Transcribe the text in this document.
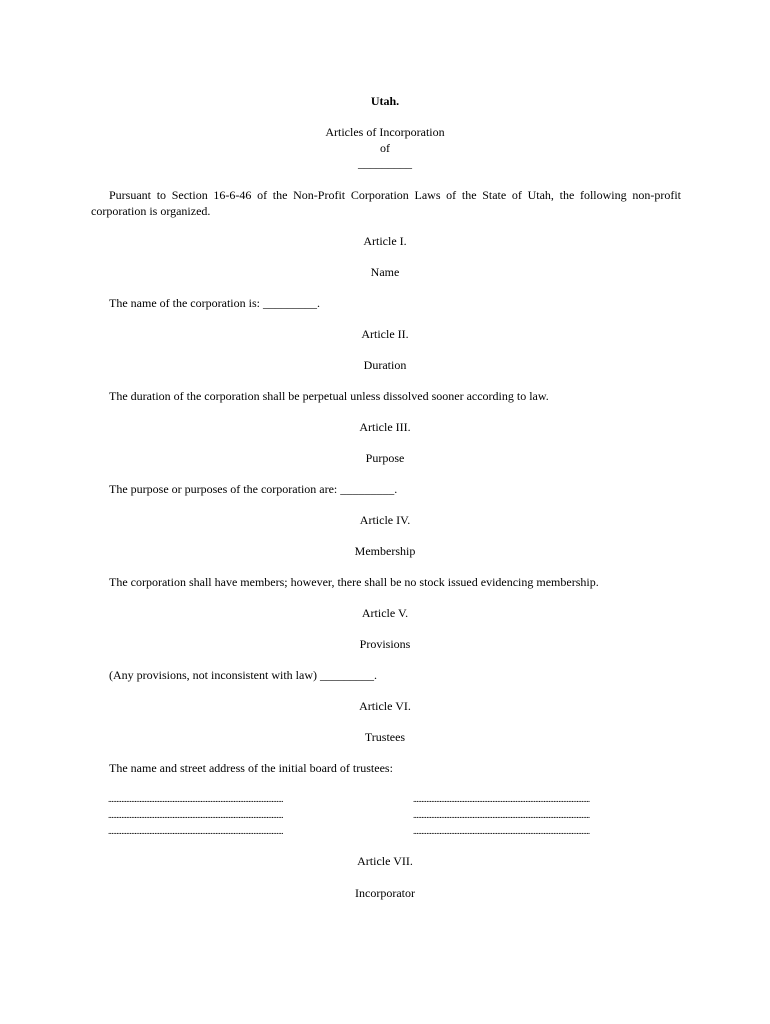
Utah.
Articles of Incorporation
of
_________
Pursuant to Section 16-6-46 of the Non-Profit Corporation Laws of the State of Utah, the following non-profit corporation is organized.
Article I.
Name
The name of the corporation is: _________.
Article II.
Duration
The duration of the corporation shall be perpetual unless dissolved sooner according to law.
Article III.
Purpose
The purpose or purposes of the corporation are: _________.
Article IV.
Membership
The corporation shall have members; however, there shall be no stock issued evidencing membership.
Article V.
Provisions
(Any provisions, not inconsistent with law) _________.
Article VI.
Trustees
The name and street address of the initial board of trustees:
..........................................................................................................	...........................................................................................................
..........................................................................................................	...........................................................................................................
..........................................................................................................	...........................................................................................................
Article VII.
Incorporator
